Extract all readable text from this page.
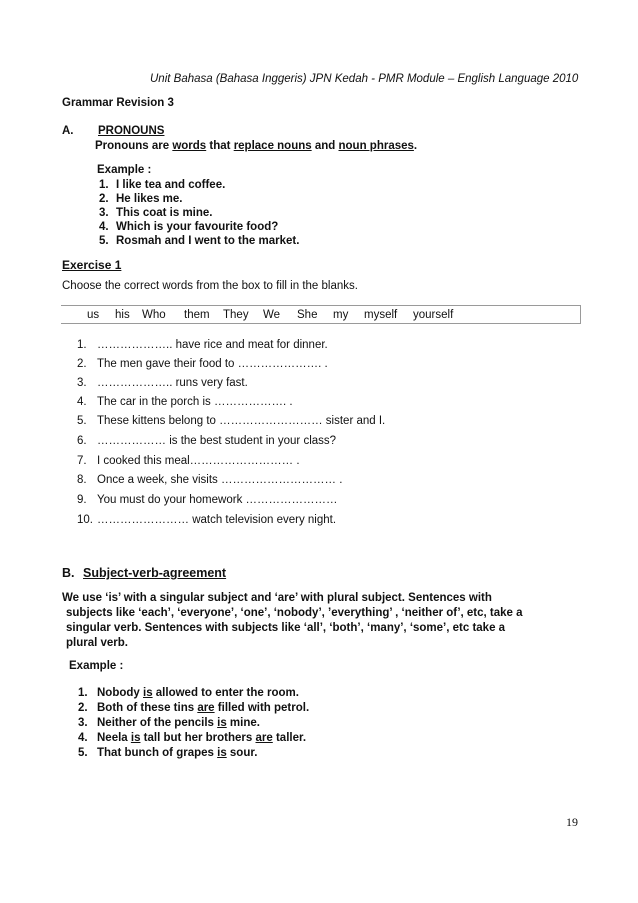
Unit Bahasa (Bahasa Inggeris) JPN Kedah - PMR Module – English Language 2010
Grammar Revision 3
A. PRONOUNS
Pronouns are words that replace nouns and noun phrases.
Example :
1. I like tea and coffee.
2. He likes me.
3. This coat is mine.
4. Which is your favourite food?
5. Rosmah and I went to the market.
Exercise 1
Choose the correct words from the box to fill in the blanks.
us his Who them They We She my myself yourself
1. ……………….. have rice and meat for dinner.
2. The men gave their food to …………………. .
3. ……………….. runs very fast.
4. The car in the porch is ………………. .
5. These kittens belong to ……………………… sister and I.
6. ……………… is the best student in your class?
7. I cooked this meal……………………… .
8. Once a week, she visits ………………………… .
9. You must do your homework ……………………
10. …………………… watch television every night.
B. Subject-verb-agreement
We use ‘is’ with a singular subject and ‘are’ with plural subject. Sentences with
subjects like ‘each’, ‘everyone’, ‘one’, ‘nobody’, ’everything’ , ‘neither of’, etc, take a
singular verb. Sentences with subjects like ‘all’, ‘both’, ‘many’, ‘some’, etc take a
plural verb.
Example :
1. Nobody is allowed to enter the room.
2. Both of these tins are filled with petrol.
3. Neither of the pencils is mine.
4. Neela is tall but her brothers are taller.
5. That bunch of grapes is sour.
19
